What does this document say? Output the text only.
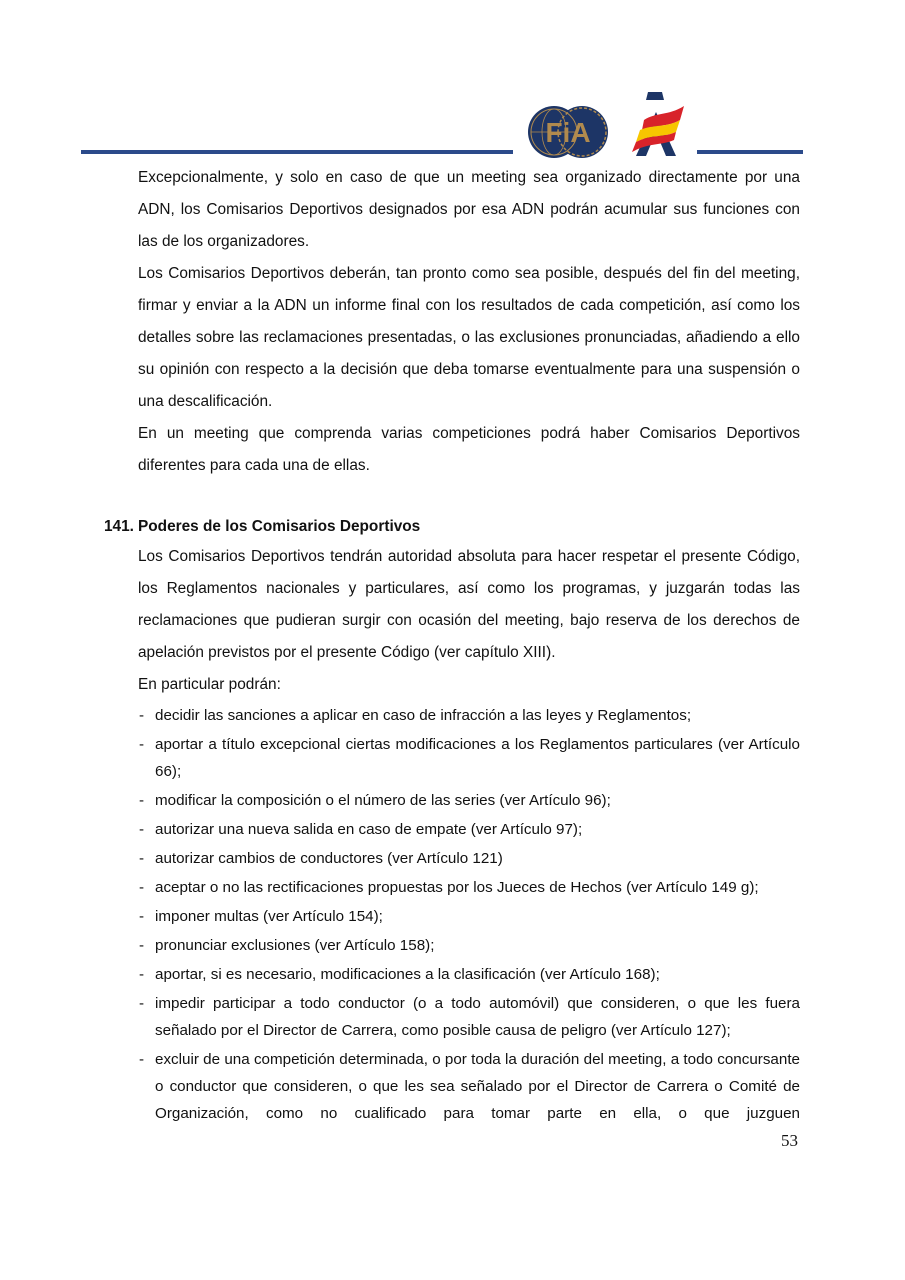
FiA

Excepcionalmente, y solo en caso de que un meeting sea organizado directamente por una ADN, los Comisarios Deportivos designados por esa ADN podrán acumular sus funciones con las de los organizadores.

Los Comisarios Deportivos deberán, tan pronto como sea posible, después del fin del meeting, firmar y enviar a la ADN un informe final con los resultados de cada competición, así como los detalles sobre las reclamaciones presentadas, o las exclusiones pronunciadas, añadiendo a ello su opinión con respecto a la decisión que deba tomarse eventualmente para una suspensión o una descalificación.

En un meeting que comprenda varias competiciones podrá haber Comisarios Deportivos diferentes para cada una de ellas.

141. Poderes de los Comisarios Deportivos

Los Comisarios Deportivos tendrán autoridad absoluta para hacer respetar el presente Código, los Reglamentos nacionales y particulares, así como los programas, y juzgarán todas las reclamaciones que pudieran surgir con ocasión del meeting, bajo reserva de los derechos de apelación previstos por el presente Código (ver capítulo XIII).

En particular podrán:

- decidir las sanciones a aplicar en caso de infracción a las leyes y Reglamentos;
- aportar a título excepcional ciertas modificaciones a los Reglamentos particulares (ver Artículo 66);
- modificar la composición o el número de las series (ver Artículo 96);
- autorizar una nueva salida en caso de empate (ver Artículo 97);
- autorizar cambios de conductores (ver Artículo 121)
- aceptar o no las rectificaciones propuestas por los Jueces de Hechos (ver Artículo 149 g);
- imponer multas (ver Artículo 154);
- pronunciar exclusiones (ver Artículo 158);
- aportar, si es necesario, modificaciones a la clasificación (ver Artículo 168);
- impedir participar a todo conductor (o a todo automóvil) que consideren, o que les fuera señalado por el Director de Carrera, como posible causa de peligro (ver Artículo 127);
- excluir de una competición determinada, o por toda la duración del meeting, a todo concursante o conductor que consideren, o que les sea señalado por el Director de Carrera o Comité de Organización, como no cualificado para tomar parte en ella, o que juzguen
53
